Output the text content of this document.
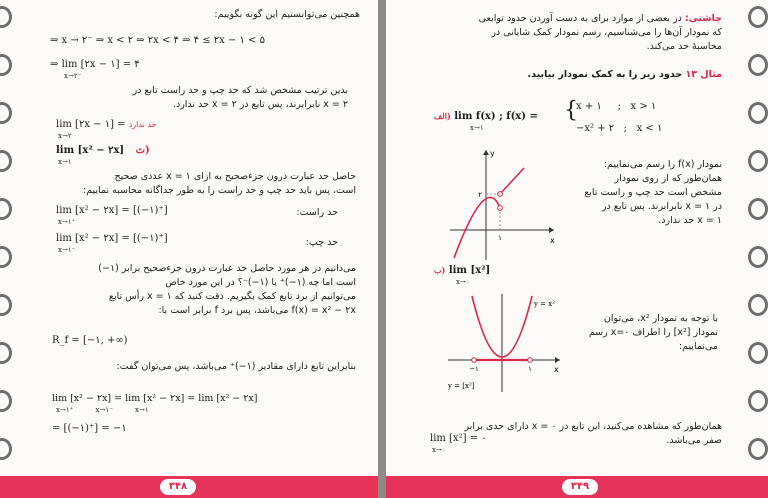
همچنین می‌توانستیم این گونه بگوییم:
⇒ x → ۲⁻ ⇒ x < ۲ ⇒ ۲x < ۴ ⇒ ۴ ≤ ۲x − ۱ < ۵
⇒ lim [۲x − ۱] = ۴
x→۲⁻
بدین ترتیب مشخص شد که حد چپ و حد راست تابع در
x = ۲ نابرابرند، پس تابع در x = ۲ حد ندارد.
lim [۲x − ۱] = حد ندارد
x→۲
lim [x² − ۲x] ث)
x→۱
حاصل حد عبارت درون جزءصحیح به ازای x = ۱ عددی صحیح
است، پس باید حد چپ و حد راست را به طور جداگانه محاسبه نماییم:
حد راست:
lim [x² − ۲x] = [(−۱)⁺]
x→۱⁺
حد چپ:
lim [x² − ۲x] = [(−۱)⁺]
x→۱⁻
می‌دانیم در هر مورد حاصل حد عبارت درون جزءصحیح برابر (۱−)
است اما چه (۱−)⁺ یا (۱−)⁻؟ در این مورد خاص
می‌توانیم از برد تابع کمک بگیریم. دقت کنید که x = ۱ رأس تابع
f(x) = x² − ۲x می‌باشد، پس برد f برابر است با:
R_f = [−۱, +∞)
بنابراین تابع دارای مقادیر (۱−)⁺ می‌باشد، پس می‌توان گفت:
lim [x² − ۲x] = lim [x² − ۲x] = lim [x² − ۲x]
x→۱⁺          x→۱⁻          x→۱
= [(−۱)⁺] = −۱
۳۴۸
چاشنی: در بعضی از موارد برای به دست آوردن حدود توابعی
که نمودار آن‌ها را می‌شناسیم، رسم نمودار کمک شایانی در
محاسبهٔ حد می‌کند.
مثال ۱۳ حدود زیر را به کمک نمودار بیابید.
الف) lim f(x) ; f(x) =
x→۱
{
x + ۱     ;   x > ۱
−x² + ۲   ;   x < ۱
۲
۱	x
y
نمودار f(x) را رسم می‌نماییم:
همان‌طور که از روی نمودار
مشخص است حد چپ و راست تابع
در x = ۱ نابرابرند. پس تابع در
x = ۱ حد ندارد.
ب) lim [x²]
x→۰
−۱	۱
y = x²
y = [x²]
x
با توجه به نمودار x²، می‌توان
نمودار [x²] را اطراف x=۰ رسم
می‌نماییم:
همان‌طور که مشاهده می‌کنید، این تابع در x = ۰ دارای حدی برابر
صفر می‌باشد.
lim [x²] = ۰
x→۰
۳۴۹
